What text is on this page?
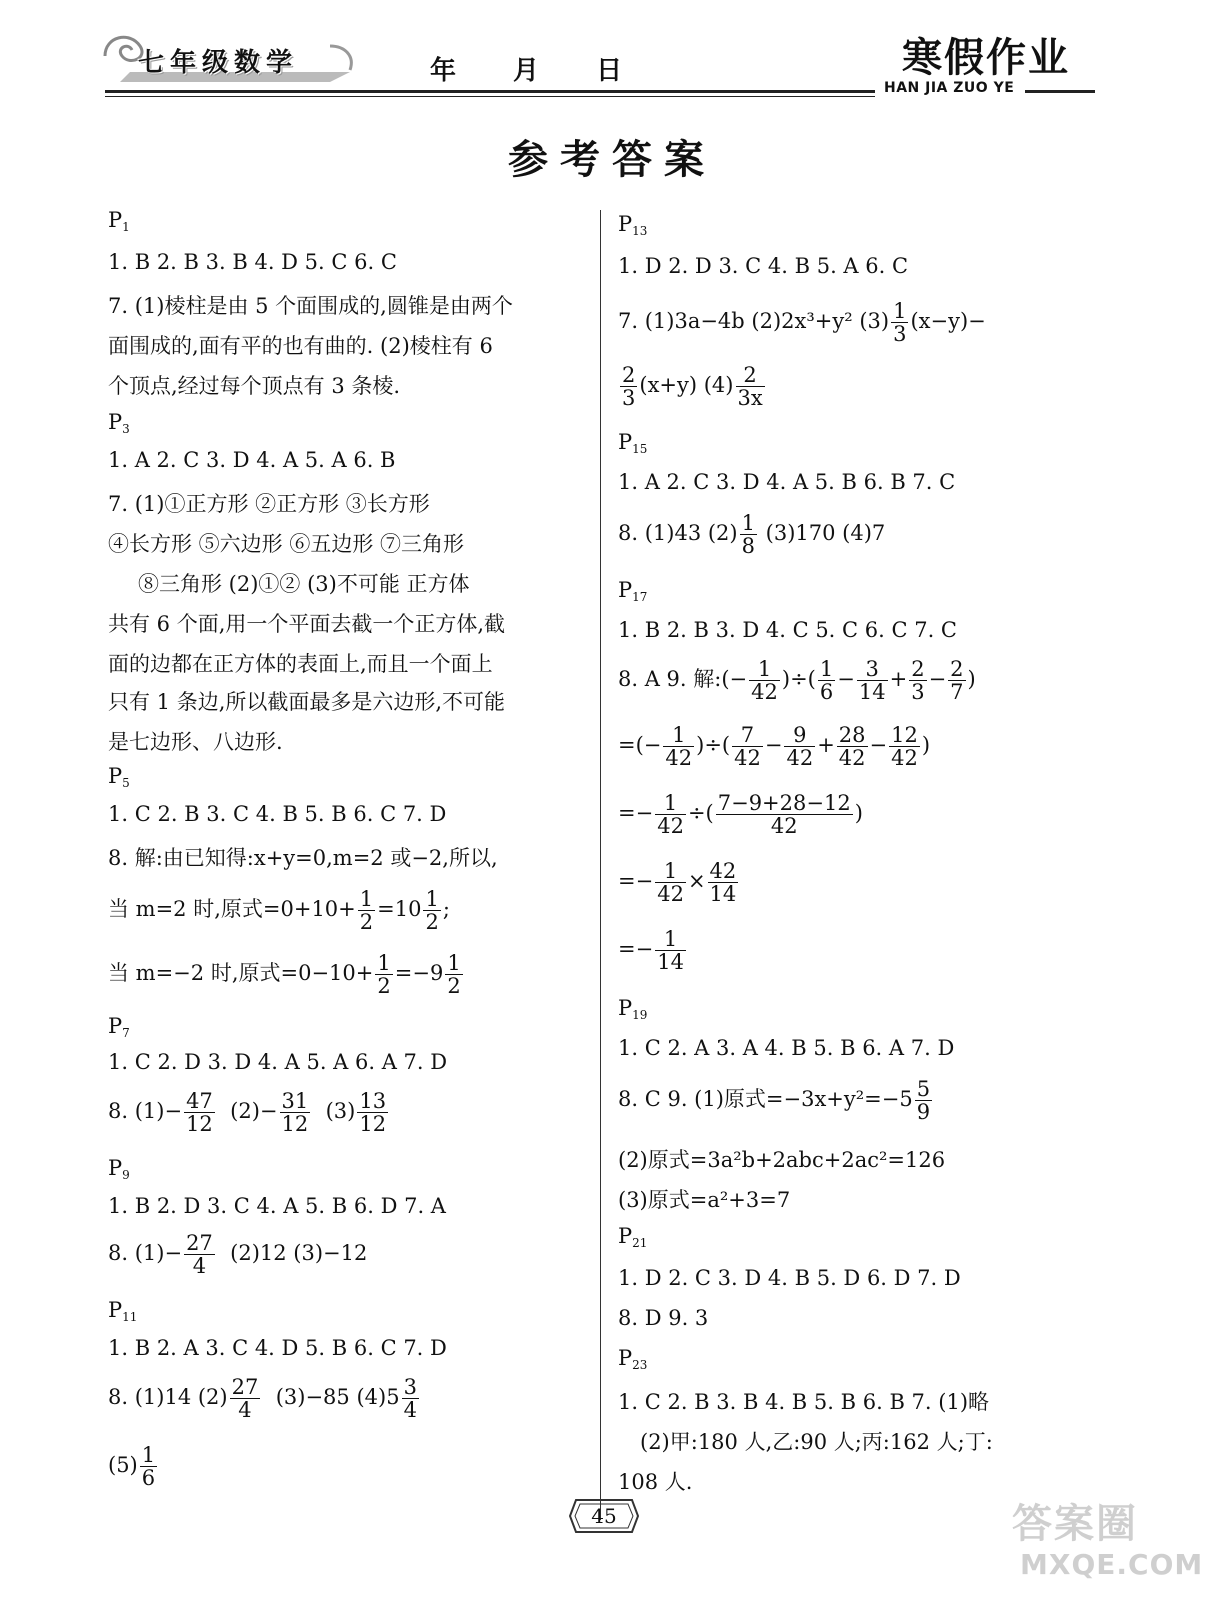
七年级数学	年 月 日	寒假作业
HAN JIA ZUO YE
参考答案
$P_1$
1. B 2. B 3. B 4. D 5. C 6. C
7. (1)棱柱是由 5 个面围成的,圆锥是由两个
面围成的,面有平的也有曲的. (2)棱柱有 6
个顶点,经过每个顶点有 3 条棱.
$P_3$
1. A 2. C 3. D 4. A 5. A 6. B
7. (1)①正方形 ②正方形 ③长方形
④长方形 ⑤六边形 ⑥五边形 ⑦三角形
⑧三角形 (2)①② (3)不可能 正方体
共有 6 个面,用一个平面去截一个正方体,截
面的边都在正方体的表面上,而且一个面上
只有 1 条边,所以截面最多是六边形,不可能
是七边形、八边形.
$P_5$
1. C 2. B 3. C 4. B 5. B 6. C 7. D
8. 解:由已知得:x+y=0,m=2 或−2,所以,
当 m=2 时,原式$=0+10+ \frac{1}{2} =10 \frac{1}{2}$ ;
当 m=−2 时,原式$=0-10+ \frac{1}{2} =-9 \frac{1}{2}$
$P_7$
1. C 2. D 3. D 4. A 5. A 6. A 7. D
8. $(1)- \frac{47}{12} (2)- \frac{31}{12} (3) \frac{13}{12}$
$P_9$
1. B 2. D 3. C 4. A 5. B 6. D 7. A
8. $(1)- \frac{27}{4} (2)12$ (3)−12
$P_{11}$
1. B 2. A 3. C 4. D 5. B 6. C 7. D
8. (1)14 $(2) \frac{27}{4} (3)-85$ $(4)5 \frac{3}{4}$
$(5) \frac{1}{6}$
$P_{13}$
1. D 2. D 3. C 4. B 5. A 6. C
7. (1)3a−4b (2)2x³+y² $(3) \frac{1}{3} (x-y)-$
$\frac{2}{3} (x+y)$ $(4) \frac{2}{3x}$
$P_{15}$
1. A 2. C 3. D 4. A 5. B 6. B 7. C
8. (1)43 $(2) \frac{1}{8} (3)170$ (4)7
$P_{17}$
1. B 2. B 3. D 4. C 5. C 6. C 7. C
8. A 9. 解:(− $\frac{1}{42}$ )÷( $\frac{1}{6} - \frac{3}{14} + \frac{2}{3} - \frac{2}{7}$ )
=(− $\frac{1}{42}$ )÷( $\frac{7}{42} - \frac{9}{42} + \frac{28}{42} - \frac{12}{42}$ )
=− $\frac{1}{42}$ ÷( $\frac{7-9+28-12}{42}$ )
=− $\frac{1}{42} \times \frac{42}{14}$
=− $\frac{1}{14}$
$P_{19}$
1. C 2. A 3. A 4. B 5. B 6. A 7. D
8. C 9. (1)原式$=-3x+y^2=-5 \frac{5}{9}$
(2)原式=3a²b+2abc+2ac²=126
(3)原式=a²+3=7
$P_{21}$
1. D 2. C 3. D 4. B 5. D 6. D 7. D
8. D 9. 3
$P_{23}$
1. C 2. B 3. B 4. B 5. B 6. B 7. (1)略
(2)甲:180 人,乙:90 人;丙:162 人;丁:
108 人.
45	答案圈
MXQE.COM
